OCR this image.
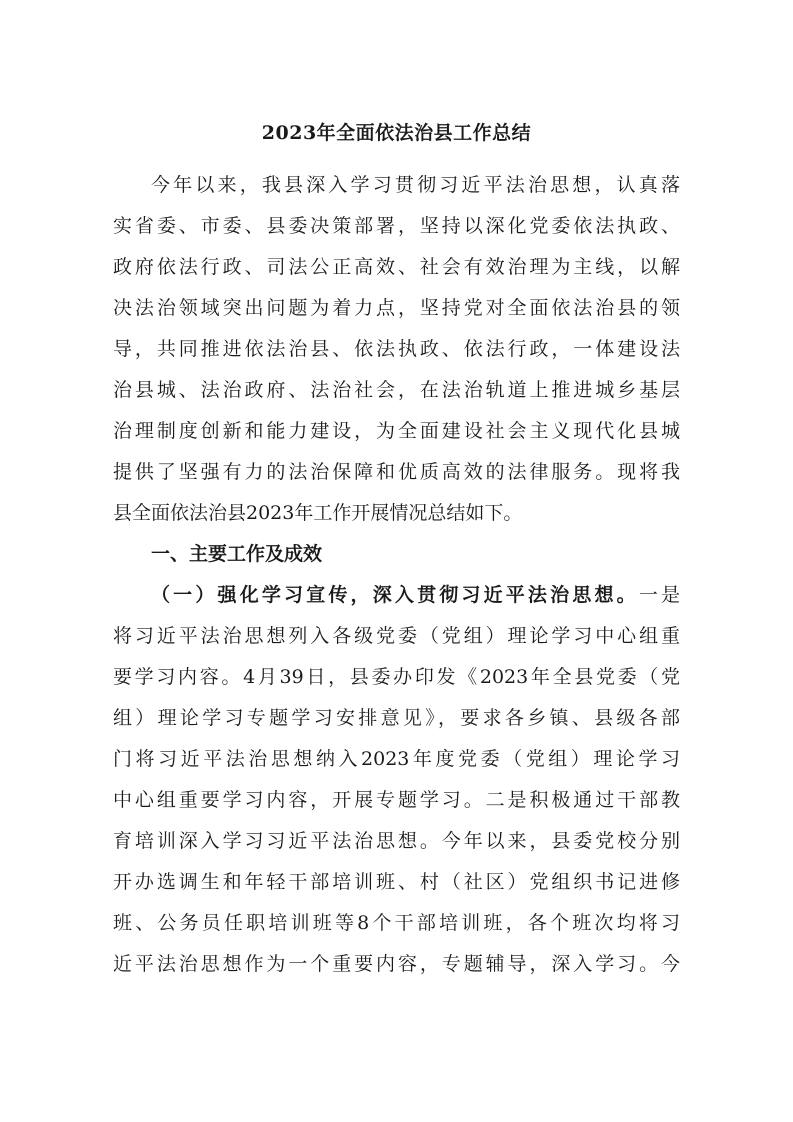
2023年全面依法治县工作总结
今年以来，我县深入学习贯彻习近平法治思想，认真落
实省委、市委、县委决策部署，坚持以深化党委依法执政、
政府依法行政、司法公正高效、社会有效治理为主线，以解
决法治领域突出问题为着力点，坚持党对全面依法治县的领
导，共同推进依法治县、依法执政、依法行政，一体建设法
治县城、法治政府、法治社会，在法治轨道上推进城乡基层
治理制度创新和能力建设，为全面建设社会主义现代化县城
提供了坚强有力的法治保障和优质高效的法律服务。现将我
县全面依法治县2023年工作开展情况总结如下。
一、主要工作及成效
（一）强化学习宣传，深入贯彻习近平法治思想。一是
将习近平法治思想列入各级党委（党组）理论学习中心组重
要学习内容。4月39日，县委办印发《2023年全县党委（党
组）理论学习专题学习安排意见》，要求各乡镇、县级各部
门将习近平法治思想纳入2023年度党委（党组）理论学习
中心组重要学习内容，开展专题学习。二是积极通过干部教
育培训深入学习习近平法治思想。今年以来，县委党校分别
开办选调生和年轻干部培训班、村（社区）党组织书记进修
班、公务员任职培训班等8个干部培训班，各个班次均将习
近平法治思想作为一个重要内容，专题辅导，深入学习。今
